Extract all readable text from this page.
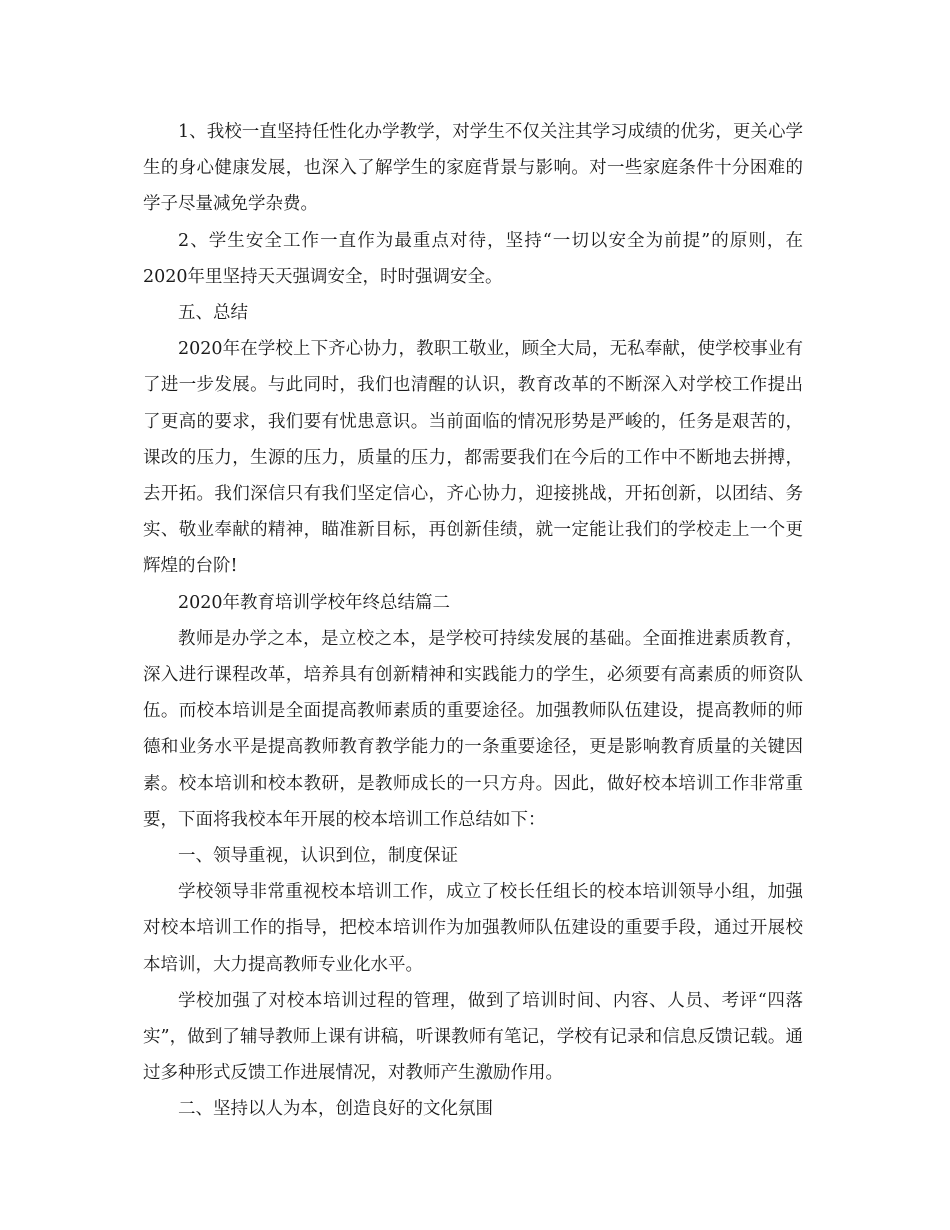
1、我校一直坚持任性化办学教学，对学生不仅关注其学习成绩的优劣，更关心学生的身心健康发展，也深入了解学生的家庭背景与影响。对一些家庭条件十分困难的学子尽量减免学杂费。

2、学生安全工作一直作为最重点对待，坚持“一切以安全为前提”的原则，在2020年里坚持天天强调安全，时时强调安全。

五、总结

2020年在学校上下齐心协力，教职工敬业，顾全大局，无私奉献，使学校事业有了进一步发展。与此同时，我们也清醒的认识，教育改革的不断深入对学校工作提出了更高的要求，我们要有忧患意识。当前面临的情况形势是严峻的，任务是艰苦的，课改的压力，生源的压力，质量的压力，都需要我们在今后的工作中不断地去拼搏，去开拓。我们深信只有我们坚定信心，齐心协力，迎接挑战，开拓创新，以团结、务实、敬业奉献的精神，瞄准新目标，再创新佳绩，就一定能让我们的学校走上一个更辉煌的台阶!

2020年教育培训学校年终总结篇二

教师是办学之本，是立校之本，是学校可持续发展的基础。全面推进素质教育，深入进行课程改革，培养具有创新精神和实践能力的学生，必须要有高素质的师资队伍。而校本培训是全面提高教师素质的重要途径。加强教师队伍建设，提高教师的师德和业务水平是提高教师教育教学能力的一条重要途径，更是影响教育质量的关键因素。校本培训和校本教研，是教师成长的一只方舟。因此，做好校本培训工作非常重要，下面将我校本年开展的校本培训工作总结如下：

一、领导重视，认识到位，制度保证

学校领导非常重视校本培训工作，成立了校长任组长的校本培训领导小组，加强对校本培训工作的指导，把校本培训作为加强教师队伍建设的重要手段，通过开展校本培训，大力提高教师专业化水平。

学校加强了对校本培训过程的管理，做到了培训时间、内容、人员、考评“四落实”，做到了辅导教师上课有讲稿，听课教师有笔记，学校有记录和信息反馈记载。通过多种形式反馈工作进展情况，对教师产生激励作用。

二、坚持以人为本，创造良好的文化氛围
